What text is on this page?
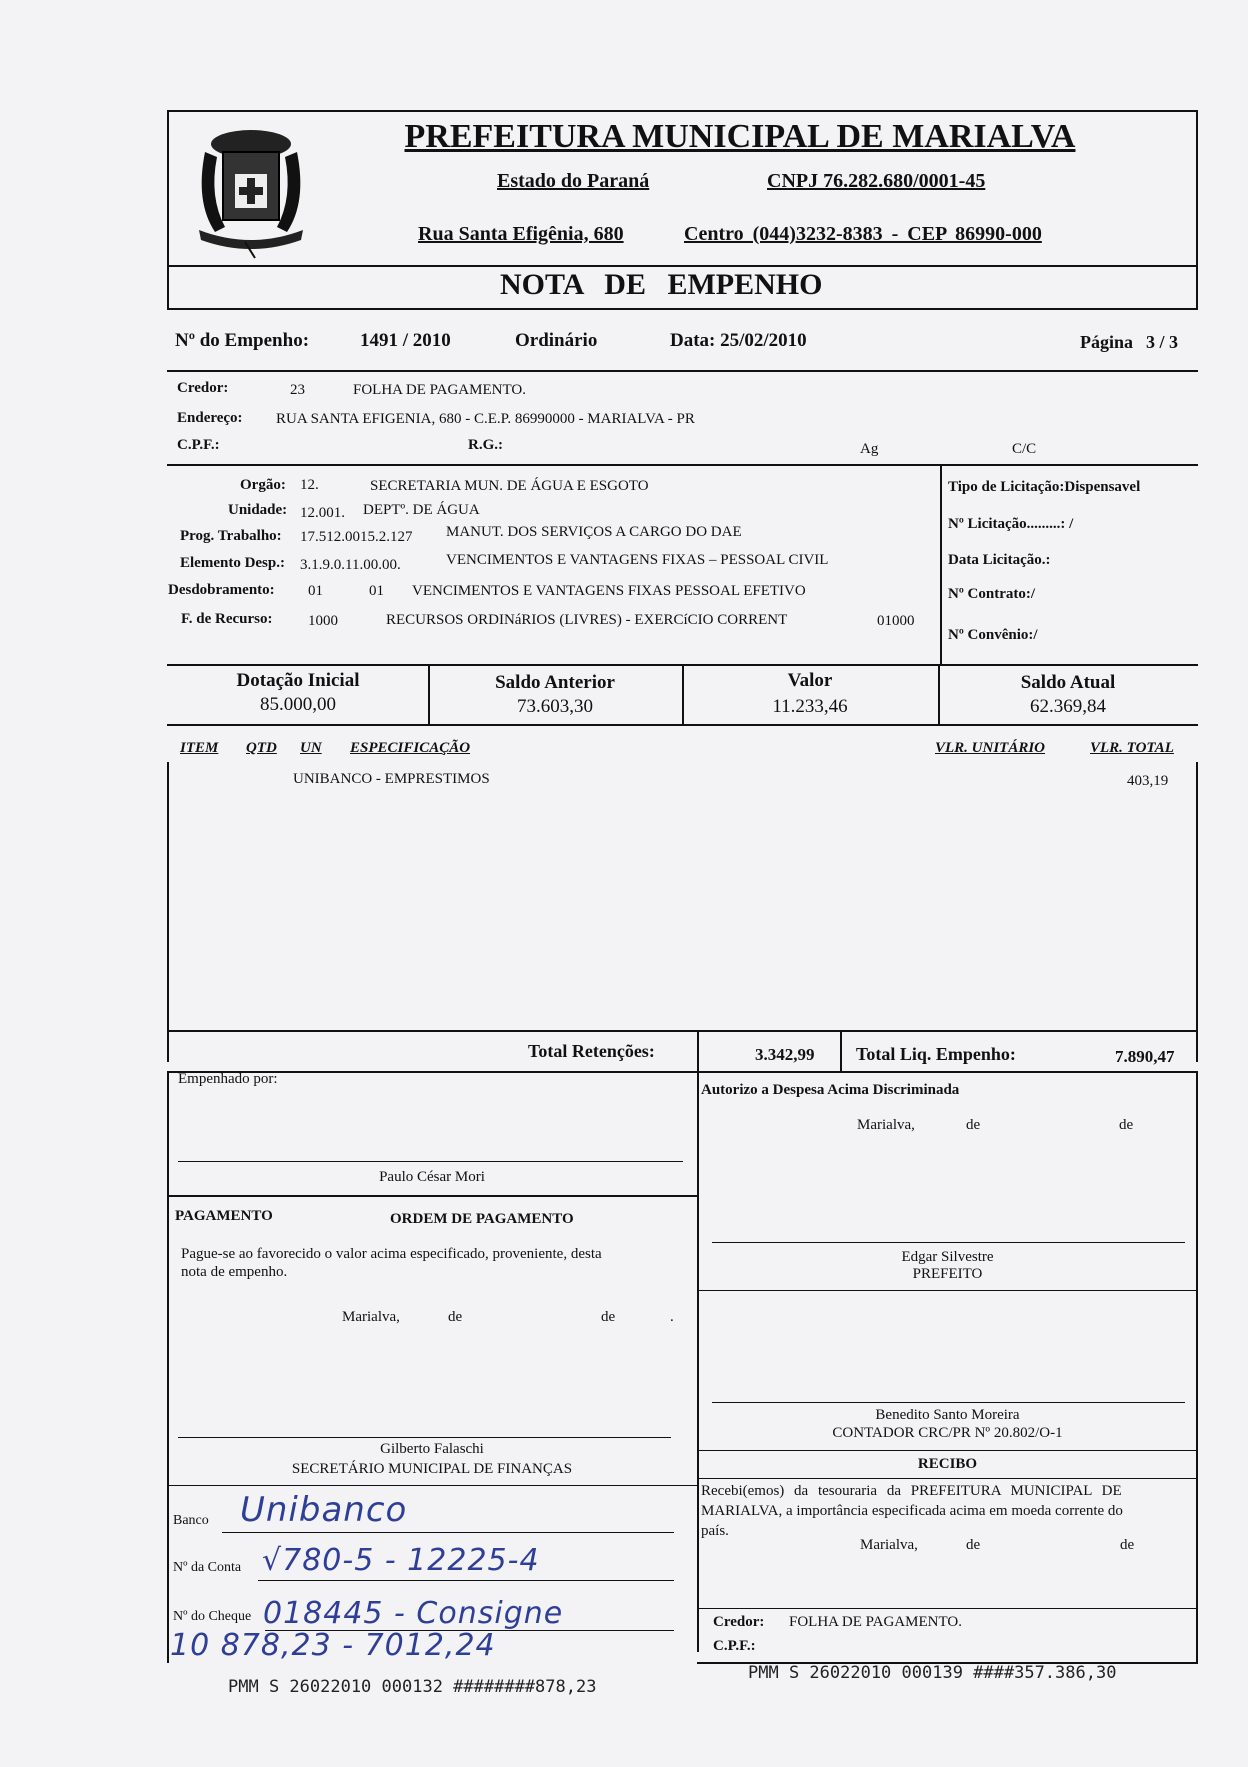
PREFEITURA MUNICIPAL DE MARIALVA
Estado do Paraná	CNPJ 76.282.680/0001-45
Rua Santa Efigênia, 680	Centro (044)3232-8383 - CEP 86990-000
NOTA DE EMPENHO
Nº do Empenho:	1491 / 2010	Ordinário	Data: 25/02/2010	Página 3 / 3
Credor:	23	FOLHA DE PAGAMENTO.
Endereço: RUA SANTA EFIGENIA, 680 - C.E.P. 86990000 - MARIALVA - PR
C.P.F.:	R.G.:	Ag	C/C
Orgão: 12.	SECRETARIA MUN. DE ÁGUA E ESGOTO
Unidade: 12.001. DEPTº. DE ÁGUA
Prog. Trabalho: 17.512.0015.2.127 MANUT. DOS SERVIÇOS A CARGO DO DAE
Elemento Desp.: 3.1.9.0.11.00.00.	VENCIMENTOS E VANTAGENS FIXAS – PESSOAL CIVIL
Desdobramento: 01	01 VENCIMENTOS E VANTAGENS FIXAS PESSOAL EFETIVO
F. de Recurso: 1000	RECURSOS ORDINáRIOS (LIVRES) - EXERCíCIO CORRENT	01000
Tipo de Licitação:Dispensavel
Nº Licitação.........: /
Data Licitação.:
Nº Contrato:/
Nº Convênio:/
Dotação Inicial
85.000,00
Saldo Anterior
73.603,30
Valor
11.233,46
Saldo Atual
62.369,84
ITEM QTD UN ESPECIFICAÇÃO	VLR. UNITÁRIO	VLR. TOTAL
UNIBANCO - EMPRESTIMOS	403,19
Total Retenções:	3.342,99 Total Liq. Empenho:	7.890,47
Empenhado por:
Paulo César Mori
PAGAMENTO	ORDEM DE PAGAMENTO
Pague-se ao favorecido o valor acima especificado, proveniente, desta
nota de empenho.
Marialva,	de	de	.
Gilberto Falaschi
SECRETÁRIO MUNICIPAL DE FINANÇAS
Banco Unibanco
Nº da Conta √780-5 - 12225-4
Nº do Cheque 018445 - Consigne
10 878,23 - 7012,24
Autorizo a Despesa Acima Discriminada
Marialva,	de	de
Edgar Silvestre
PREFEITO
Benedito Santo Moreira
CONTADOR CRC/PR Nº 20.802/O-1
RECIBO
Recebi(emos) da tesouraria da PREFEITURA MUNICIPAL DE
MARIALVA, a importância especificada acima em moeda corrente do
país.
Marialva,	de	de
Credor: FOLHA DE PAGAMENTO.
C.P.F.:
PMM S 26022010 000132 ########878,23
PMM S 26022010 000139 ####357.386,30
